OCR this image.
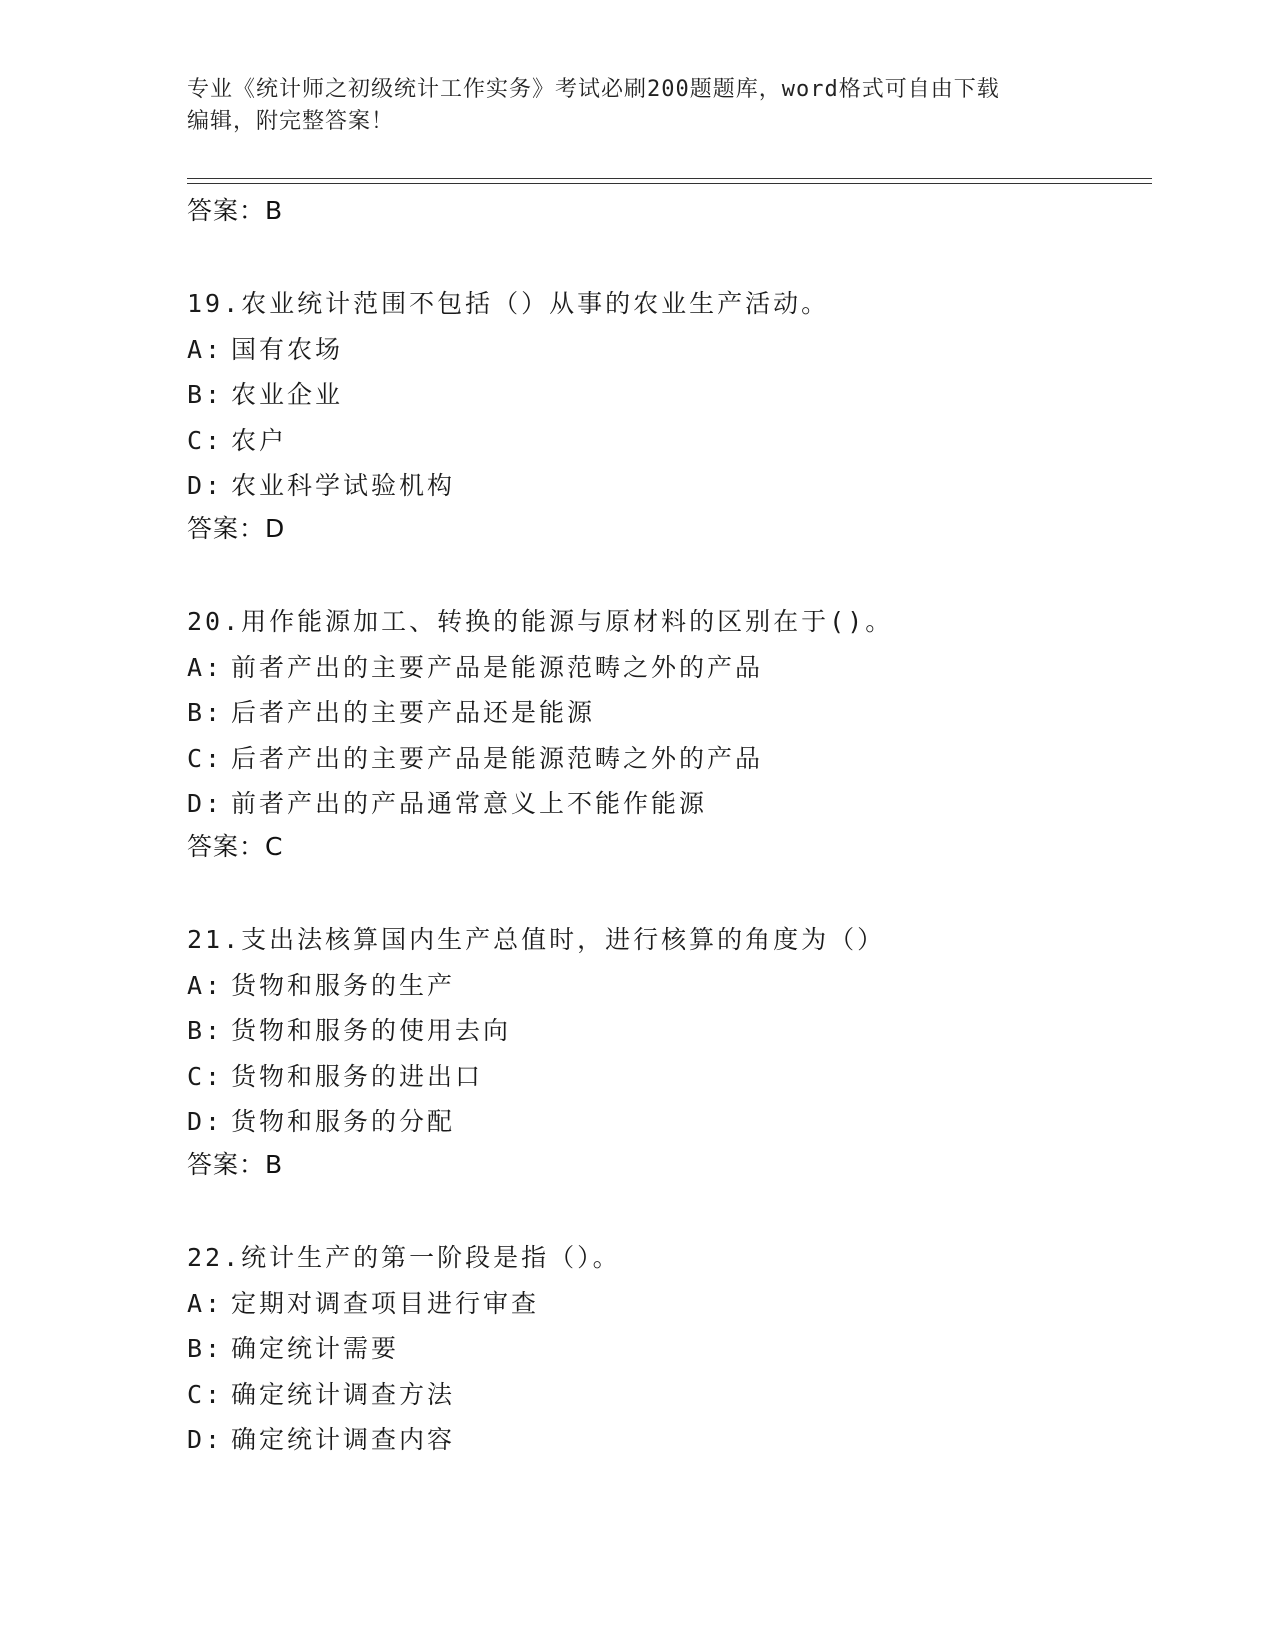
专业《统计师之初级统计工作实务》考试必刷200题题库，word格式可自由下载
编辑，附完整答案！
答案：B
19.农业统计范围不包括（）从事的农业生产活动。
A: 国有农场
B: 农业企业
C: 农户
D: 农业科学试验机构
答案：D
20.用作能源加工、转换的能源与原材料的区别在于()。
A: 前者产出的主要产品是能源范畴之外的产品
B: 后者产出的主要产品还是能源
C: 后者产出的主要产品是能源范畴之外的产品
D: 前者产出的产品通常意义上不能作能源
答案：C
21.支出法核算国内生产总值时，进行核算的角度为（）
A: 货物和服务的生产
B: 货物和服务的使用去向
C: 货物和服务的进出口
D: 货物和服务的分配
答案：B
22.统计生产的第一阶段是指（）。
A: 定期对调查项目进行审查
B: 确定统计需要
C: 确定统计调查方法
D: 确定统计调查内容
